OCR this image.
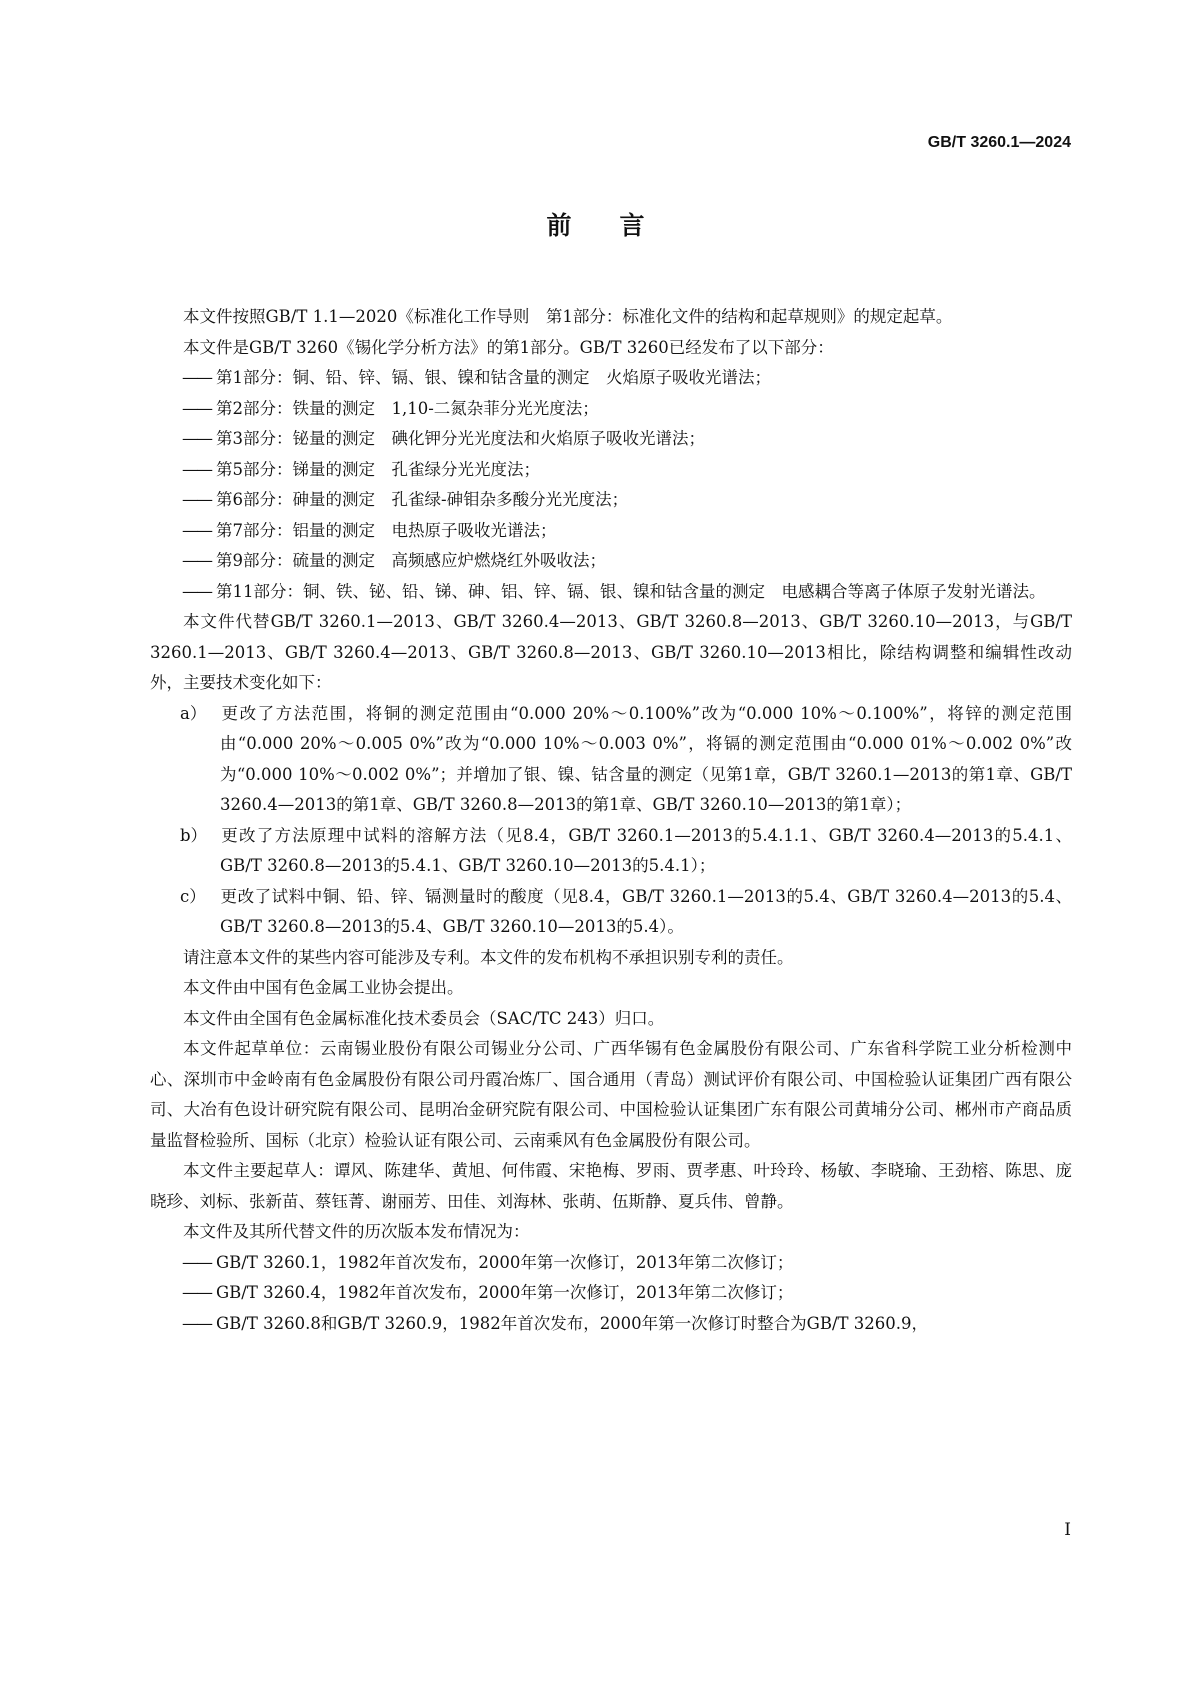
GB/T 3260.1—2024
前 言

本文件按照GB/T 1.1—2020《标准化工作导则　第1部分：标准化文件的结构和起草规则》的规定起草。

本文件是GB/T 3260《锡化学分析方法》的第1部分。GB/T 3260已经发布了以下部分：

—— 第1部分：铜、铅、锌、镉、银、镍和钴含量的测定　火焰原子吸收光谱法；
—— 第2部分：铁量的测定　1,10-二氮杂菲分光光度法；
—— 第3部分：铋量的测定　碘化钾分光光度法和火焰原子吸收光谱法；
—— 第5部分：锑量的测定　孔雀绿分光光度法；
—— 第6部分：砷量的测定　孔雀绿-砷钼杂多酸分光光度法；
—— 第7部分：铝量的测定　电热原子吸收光谱法；
—— 第9部分：硫量的测定　高频感应炉燃烧红外吸收法；
—— 第11部分：铜、铁、铋、铅、锑、砷、铝、锌、镉、银、镍和钴含量的测定　电感耦合等离子体原子发射光谱法。

本文件代替GB/T 3260.1—2013、GB/T 3260.4—2013、GB/T 3260.8—2013、GB/T 3260.10—2013，与GB/T 3260.1—2013、GB/T 3260.4—2013、GB/T 3260.8—2013、GB/T 3260.10—2013相比，除结构调整和编辑性改动外，主要技术变化如下：

a） 更改了方法范围，将铜的测定范围由“0.000 20%～0.100%”改为“0.000 10%～0.100%”，将锌的测定范围由“0.000 20%～0.005 0%”改为“0.000 10%～0.003 0%”，将镉的测定范围由“0.000 01%～0.002 0%”改为“0.000 10%～0.002 0%”；并增加了银、镍、钴含量的测定（见第1章，GB/T 3260.1—2013的第1章、GB/T 3260.4—2013的第1章、GB/T 3260.8—2013的第1章、GB/T 3260.10—2013的第1章）；
b） 更改了方法原理中试料的溶解方法（见8.4，GB/T 3260.1—2013的5.4.1.1、GB/T 3260.4—2013的5.4.1、GB/T 3260.8—2013的5.4.1、GB/T 3260.10—2013的5.4.1）；
c） 更改了试料中铜、铅、锌、镉测量时的酸度（见8.4，GB/T 3260.1—2013的5.4、GB/T 3260.4—2013的5.4、GB/T 3260.8—2013的5.4、GB/T 3260.10—2013的5.4）。

请注意本文件的某些内容可能涉及专利。本文件的发布机构不承担识别专利的责任。

本文件由中国有色金属工业协会提出。

本文件由全国有色金属标准化技术委员会（SAC/TC 243）归口。

本文件起草单位：云南锡业股份有限公司锡业分公司、广西华锡有色金属股份有限公司、广东省科学院工业分析检测中心、深圳市中金岭南有色金属股份有限公司丹霞冶炼厂、国合通用（青岛）测试评价有限公司、中国检验认证集团广西有限公司、大冶有色设计研究院有限公司、昆明冶金研究院有限公司、中国检验认证集团广东有限公司黄埔分公司、郴州市产商品质量监督检验所、国标（北京）检验认证有限公司、云南乘风有色金属股份有限公司。

本文件主要起草人：谭风、陈建华、黄旭、何伟霞、宋艳梅、罗雨、贾孝惠、叶玲玲、杨敏、李晓瑜、王劲榕、陈思、庞晓珍、刘标、张新苗、蔡钰菁、谢丽芳、田佳、刘海林、张萌、伍斯静、夏兵伟、曾静。

本文件及其所代替文件的历次版本发布情况为：

—— GB/T 3260.1，1982年首次发布，2000年第一次修订，2013年第二次修订；
—— GB/T 3260.4，1982年首次发布，2000年第一次修订，2013年第二次修订；
—— GB/T 3260.8和GB/T 3260.9，1982年首次发布，2000年第一次修订时整合为GB/T 3260.9，
I
